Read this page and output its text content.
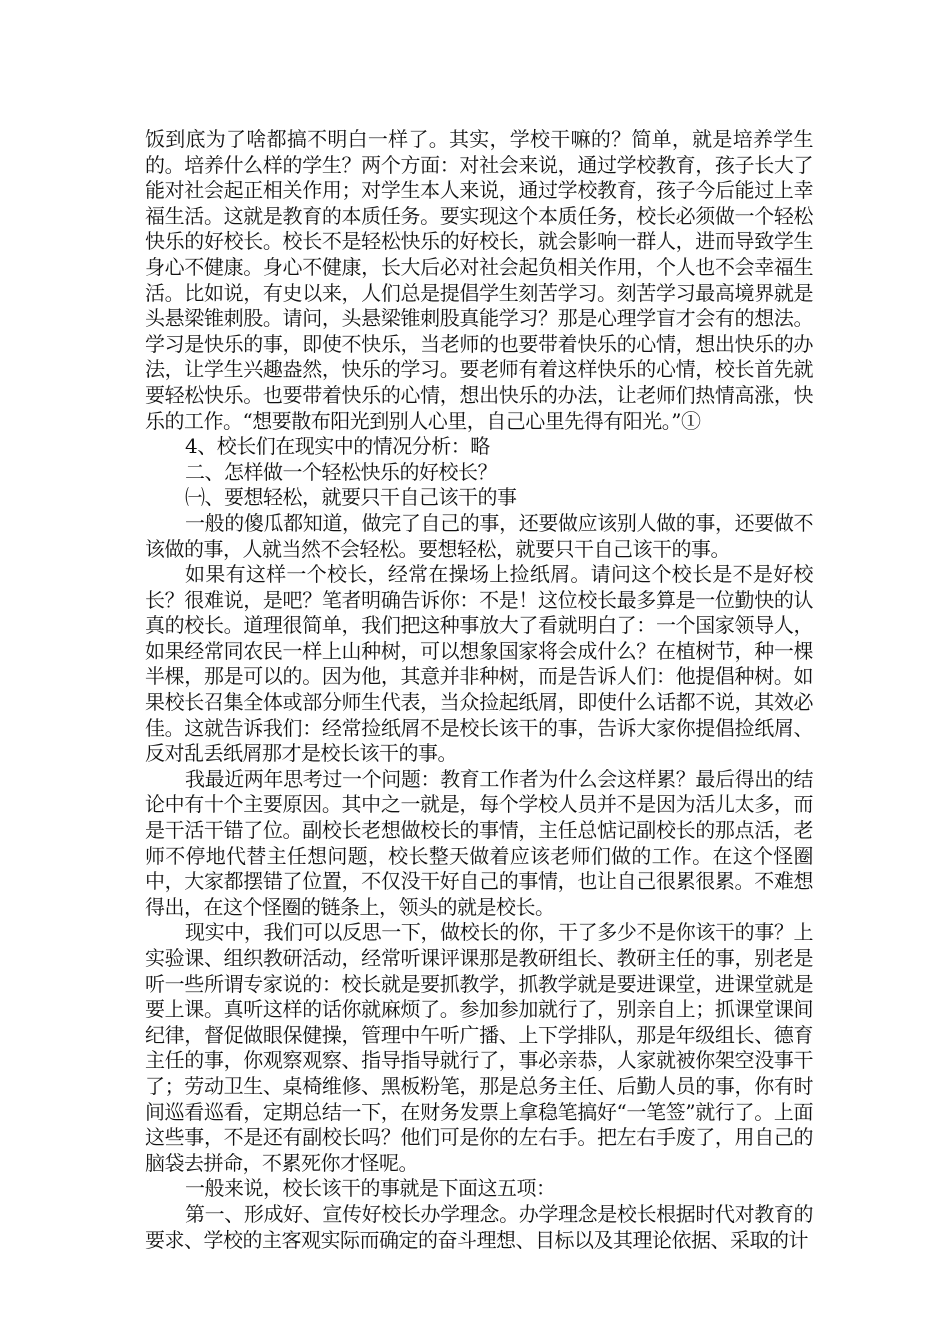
饭到底为了啥都搞不明白一样了。其实，学校干嘛的？简单，就是培养学生的。培养什么样的学生？两个方面：对社会来说，通过学校教育，孩子长大了能对社会起正相关作用；对学生本人来说，通过学校教育，孩子今后能过上幸福生活。这就是教育的本质任务。要实现这个本质任务，校长必须做一个轻松快乐的好校长。校长不是轻松快乐的好校长，就会影响一群人，进而导致学生身心不健康。身心不健康，长大后必对社会起负相关作用，个人也不会幸福生活。比如说，有史以来，人们总是提倡学生刻苦学习。刻苦学习最高境界就是头悬梁锥刺股。请问，头悬梁锥刺股真能学习？那是心理学盲才会有的想法。学习是快乐的事，即使不快乐，当老师的也要带着快乐的心情，想出快乐的办法，让学生兴趣盎然，快乐的学习。要老师有着这样快乐的心情，校长首先就要轻松快乐。也要带着快乐的心情，想出快乐的办法，让老师们热情高涨，快乐的工作。“想要散布阳光到别人心里，自己心里先得有阳光。”①

4、校长们在现实中的情况分析：略

二、怎样做一个轻松快乐的好校长？

㈠、要想轻松，就要只干自己该干的事

一般的傻瓜都知道，做完了自己的事，还要做应该别人做的事，还要做不该做的事，人就当然不会轻松。要想轻松，就要只干自己该干的事。

如果有这样一个校长，经常在操场上捡纸屑。请问这个校长是不是好校长？很难说，是吧？笔者明确告诉你：不是！这位校长最多算是一位勤快的认真的校长。道理很简单，我们把这种事放大了看就明白了：一个国家领导人，如果经常同农民一样上山种树，可以想象国家将会成什么？在植树节，种一棵半棵，那是可以的。因为他，其意并非种树，而是告诉人们：他提倡种树。如果校长召集全体或部分师生代表，当众捡起纸屑，即使什么话都不说，其效必佳。这就告诉我们：经常捡纸屑不是校长该干的事，告诉大家你提倡捡纸屑、反对乱丢纸屑那才是校长该干的事。

我最近两年思考过一个问题：教育工作者为什么会这样累？最后得出的结论中有十个主要原因。其中之一就是，每个学校人员并不是因为活儿太多，而是干活干错了位。副校长老想做校长的事情，主任总惦记副校长的那点活，老师不停地代替主任想问题，校长整天做着应该老师们做的工作。在这个怪圈中，大家都摆错了位置，不仅没干好自己的事情，也让自己很累很累。不难想得出，在这个怪圈的链条上，领头的就是校长。

现实中，我们可以反思一下，做校长的你，干了多少不是你该干的事？上实验课、组织教研活动，经常听课评课那是教研组长、教研主任的事，别老是听一些所谓专家说的：校长就是要抓教学，抓教学就是要进课堂，进课堂就是要上课。真听这样的话你就麻烦了。参加参加就行了，别亲自上；抓课堂课间纪律，督促做眼保健操，管理中午听广播、上下学排队，那是年级组长、德育主任的事，你观察观察、指导指导就行了，事必亲恭，人家就被你架空没事干了；劳动卫生、桌椅维修、黑板粉笔，那是总务主任、后勤人员的事，你有时间巡看巡看，定期总结一下，在财务发票上拿稳笔搞好“一笔签”就行了。上面这些事，不是还有副校长吗？他们可是你的左右手。把左右手废了，用自己的脑袋去拼命，不累死你才怪呢。

一般来说，校长该干的事就是下面这五项：

第一、形成好、宣传好校长办学理念。办学理念是校长根据时代对教育的要求、学校的主客观实际而确定的奋斗理想、目标以及其理论依据、采取的计
